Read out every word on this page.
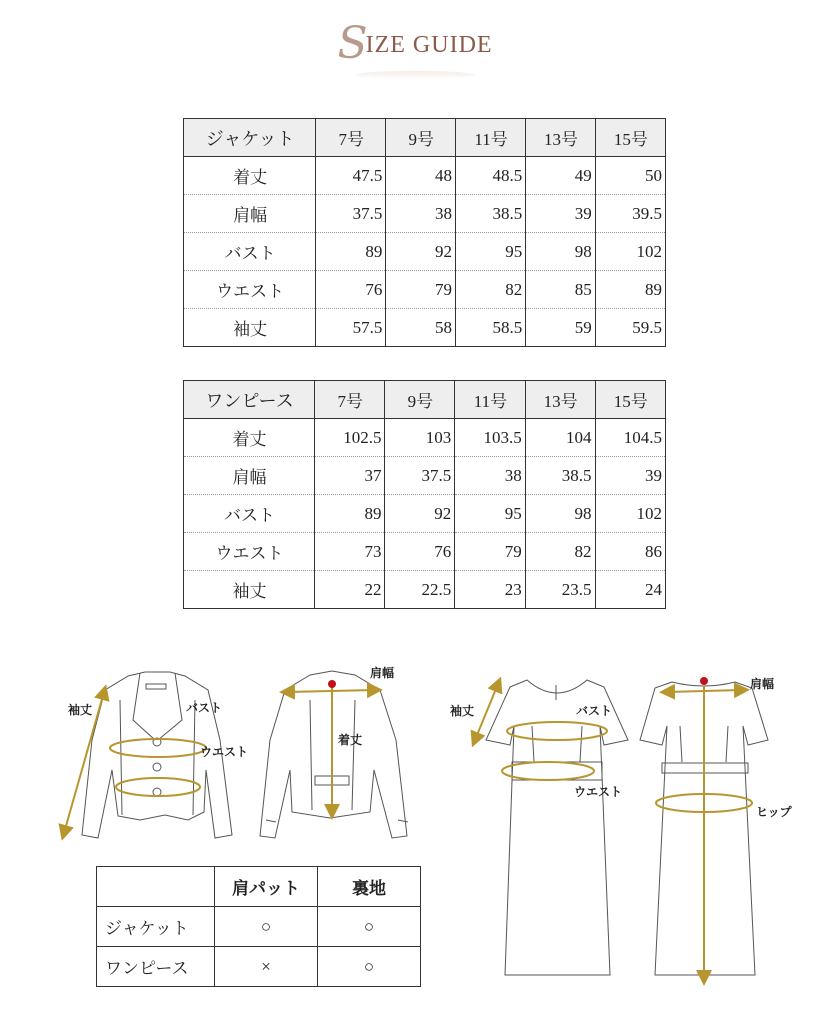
SIZE GUIDE
ジャケット	7号	9号	11号	13号	15号
着丈	47.5	48	48.5	49	50
肩幅	37.5	38	38.5	39	39.5
バスト	89	92	95	98	102
ウエスト	76	79	82	85	89
袖丈	57.5	58	58.5	59	59.5
ワンピース	7号	9号	11号	13号	15号
着丈	102.5	103	103.5	104	104.5
肩幅	37	37.5	38	38.5	39
バスト	89	92	95	98	102
ウエスト	73	76	79	82	86
袖丈	22	22.5	23	23.5	24
袖丈	バスト
ウエスト
肩幅
着丈
袖丈	バスト
ウエスト
肩幅
ヒップ
	肩パット	裏地
ジャケット	○	○
ワンピース	×	○
